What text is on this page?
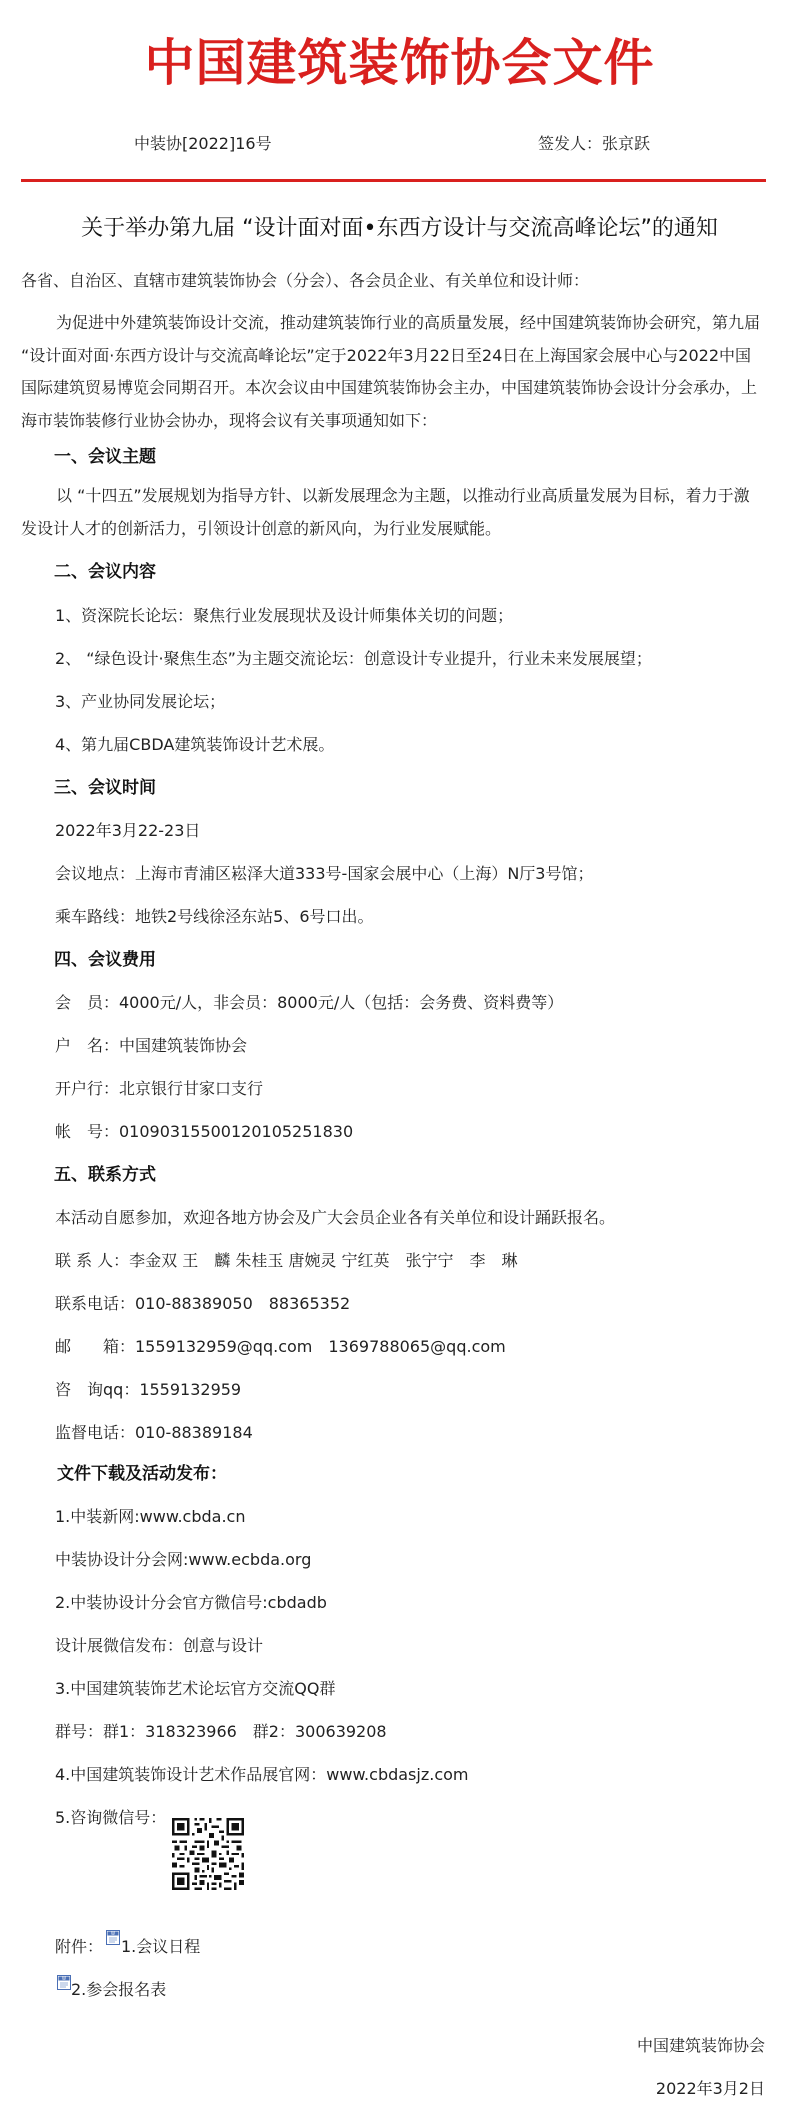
中国建筑装饰协会文件
中装协[2022]16号	签发人：张京跃
关于举办第九届 “设计面对面•东西方设计与交流高峰论坛”的通知
各省、自治区、直辖市建筑装饰协会（分会）、各会员企业、有关单位和设计师：
为促进中外建筑装饰设计交流，推动建筑装饰行业的高质量发展，经中国建筑装饰协会研究，第九届 “设计面对面·东西方设计与交流高峰论坛”定于2022年3月22日至24日在上海国家会展中心与2022中国国际建筑贸易博览会同期召开。本次会议由中国建筑装饰协会主办，中国建筑装饰协会设计分会承办，上海市装饰装修行业协会协办，现将会议有关事项通知如下：
一、会议主题
以 “十四五”发展规划为指导方针、以新发展理念为主题，以推动行业高质量发展为目标，着力于激发设计人才的创新活力，引领设计创意的新风向，为行业发展赋能。
二、会议内容
1、资深院长论坛：聚焦行业发展现状及设计师集体关切的问题；
2、 “绿色设计·聚焦生态”为主题交流论坛：创意设计专业提升，行业未来发展展望；
3、产业协同发展论坛；
4、第九届CBDA建筑装饰设计艺术展。
三、会议时间
2022年3月22-23日
会议地点：上海市青浦区崧泽大道333号-国家会展中心（上海）N厅3号馆；
乘车路线：地铁2号线徐泾东站5、6号口出。
四、会议费用
会　员：4000元/人，非会员：8000元/人（包括：会务费、资料费等）
户　名：中国建筑装饰协会
开户行：北京银行甘家口支行
帐　号：01090315500120105251830
五、联系方式
本活动自愿参加，欢迎各地方协会及广大会员企业各有关单位和设计踊跃报名。
联 系 人：李金双 王　麟 朱桂玉 唐婉灵 宁红英　张宁宁　李　琳
联系电话：010-88389050　88365352
邮　　箱：1559132959@qq.com　1369788065@qq.com
咨　询qq：1559132959
监督电话：010-88389184
文件下载及活动发布：
1.中装新网:www.cbda.cn
中装协设计分会网:www.ecbda.org
2.中装协设计分会官方微信号:cbdadb
设计展微信发布：创意与设计
3.中国建筑装饰艺术论坛官方交流QQ群
群号：群1：318323966　群2：300639208
4.中国建筑装饰设计艺术作品展官网：www.cbdasjz.com
5.咨询微信号：
附件：
W
1.会议日程
W
2.参会报名表
中国建筑装饰协会
2022年3月2日
